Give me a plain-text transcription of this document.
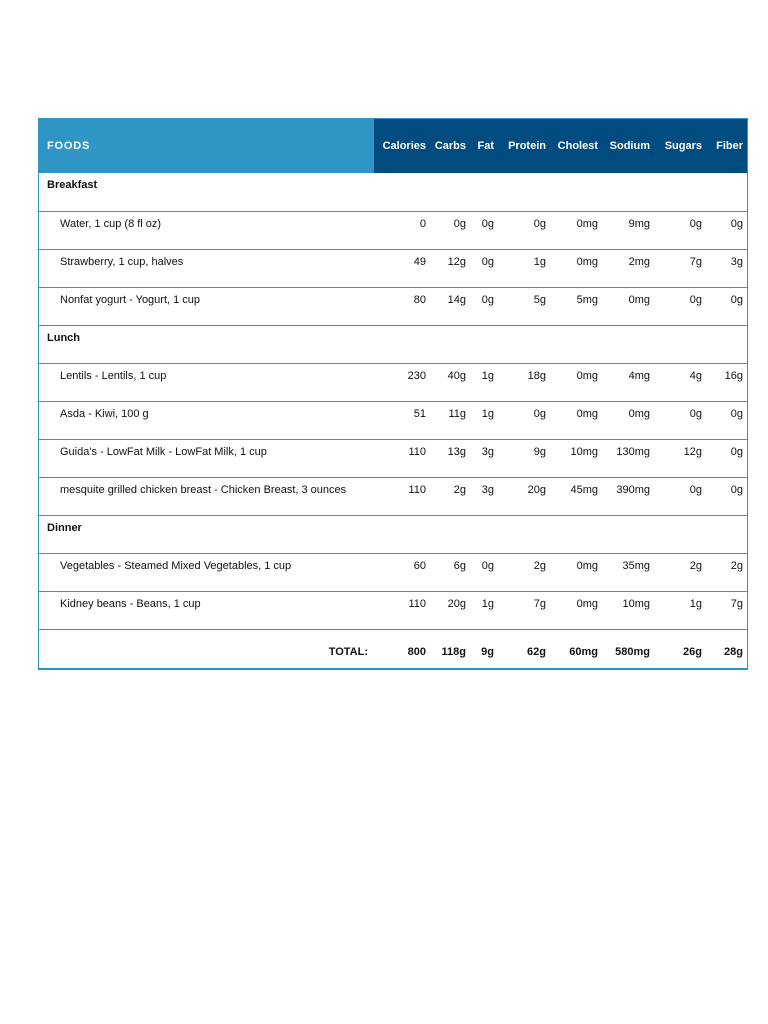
FOODS	Calories	Carbs	Fat	Protein	Cholest	Sodium	Sugars	Fiber
Breakfast								
Water, 1 cup (8 fl oz)	0	0g	0g	0g	0mg	9mg	0g	0g
Strawberry, 1 cup, halves	49	12g	0g	1g	0mg	2mg	7g	3g
Nonfat yogurt - Yogurt, 1 cup	80	14g	0g	5g	5mg	0mg	0g	0g
Lunch								
Lentils - Lentils, 1 cup	230	40g	1g	18g	0mg	4mg	4g	16g
Asda - Kiwi, 100 g	51	11g	1g	0g	0mg	0mg	0g	0g
Guida's - LowFat Milk - LowFat Milk, 1 cup	110	13g	3g	9g	10mg	130mg	12g	0g
mesquite grilled chicken breast - Chicken Breast, 3 ounces	110	2g	3g	20g	45mg	390mg	0g	0g
Dinner								
Vegetables - Steamed Mixed Vegetables, 1 cup	60	6g	0g	2g	0mg	35mg	2g	2g
Kidney beans - Beans, 1 cup	110	20g	1g	7g	0mg	10mg	1g	7g
TOTAL:	800	118g	9g	62g	60mg	580mg	26g	28g
